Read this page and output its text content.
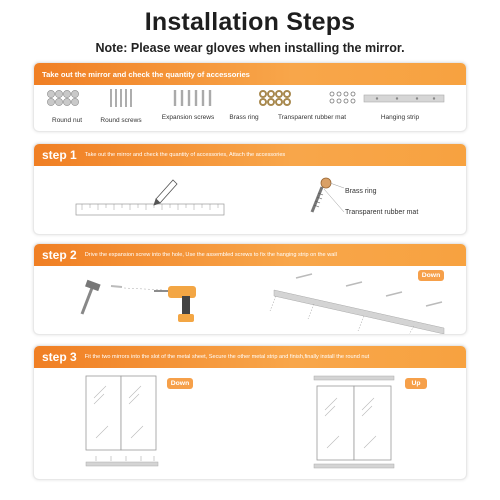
Installation Steps
Note: Please wear gloves when installing the mirror.
Take out the mirror and check the quantity of accessories
Round nut	Round screws	Expansion screws Brass ring	Transparent rubber mat	Hanging strip
step 1 Take out the mirror and check the quantity of accessories, Attach the accessories
Brass ring
Transparent rubber mat
step 2 Drive the expansion screw into the hole, Use the assembled screws to fix the hanging strip on the wall
Down
step 3 Fit the two mirrors into the slot of the metal sheet, Secure the other metal strip and finish,finally install the round nut
Down	Up
